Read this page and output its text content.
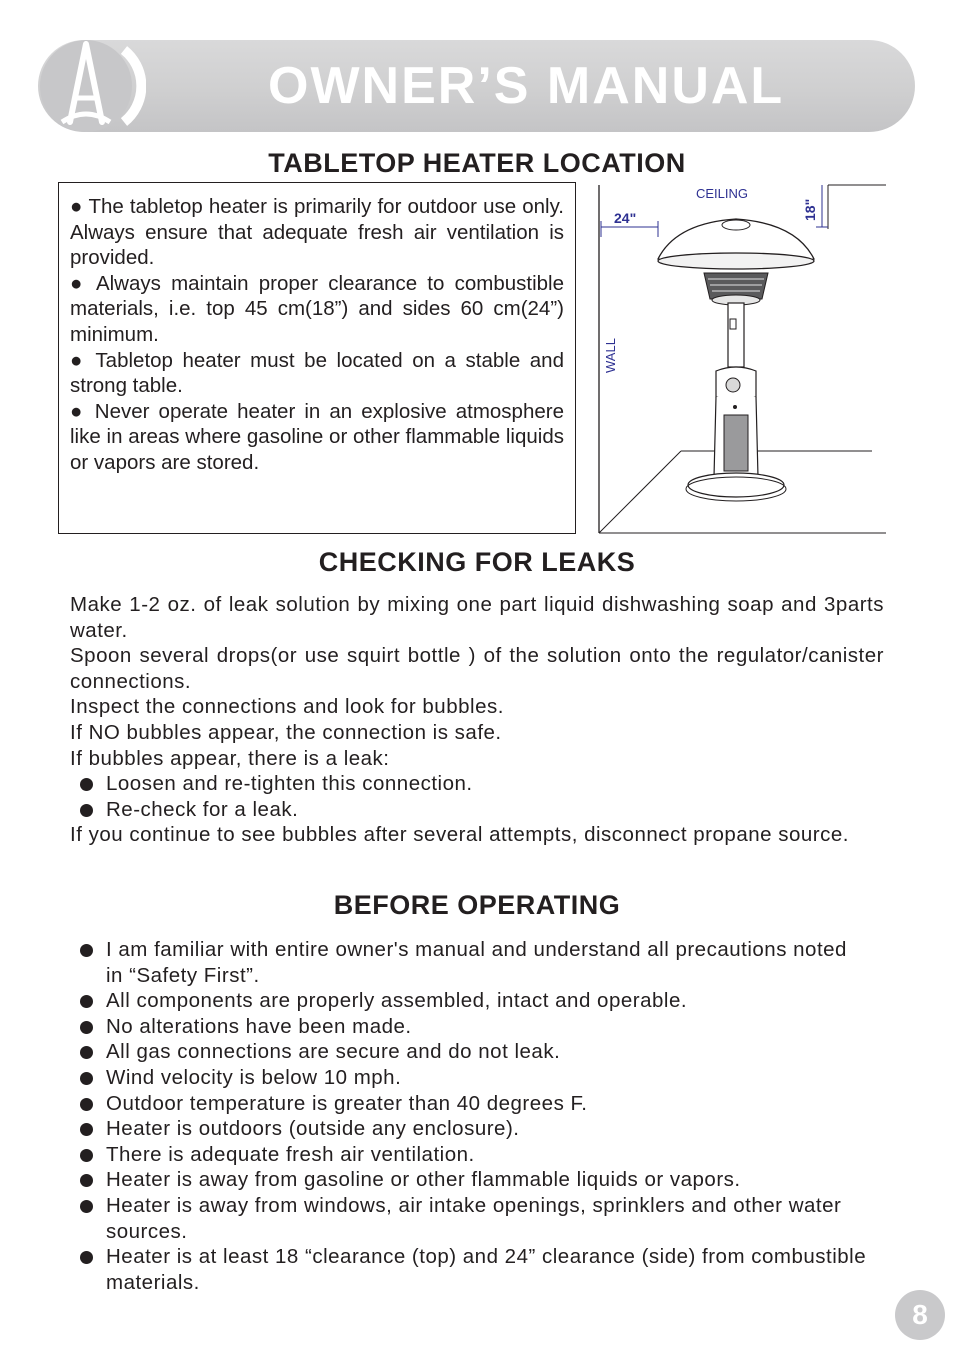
OWNER’S MANUAL
TABLETOP HEATER LOCATION

● The tabletop heater is primarily for outdoor use only. Always ensure that adequate fresh air ventilation is provided.

● Always maintain proper clearance to combustible materials, i.e. top 45 cm(18”) and sides 60 cm(24”) minimum.

● Tabletop heater must be located on a stable and strong table.

● Never operate heater in an explosive atmosphere like in areas where gasoline or other flammable liquids or vapors are stored.

24"
CEILING
18"
WALL
CHECKING FOR LEAKS

Make 1-2 oz. of leak solution by mixing one part liquid dishwashing soap and 3parts water.

Spoon several drops(or use squirt bottle ) of the solution onto the regulator/canister connections.

Inspect the connections and look for bubbles.

If NO bubbles appear, the connection is safe.

If bubbles appear, there is a leak:

Loosen and re-tighten this connection.

Re-check for a leak.

If you continue to see bubbles after several attempts, disconnect propane source.

BEFORE OPERATING

I am familiar with entire owner's manual and understand all precautions noted in “Safety First”.

All components are properly assembled, intact and operable.

No alterations have been made.

All gas connections are secure and do not leak.

Wind velocity is below 10 mph.

Outdoor temperature is greater than 40 degrees F.

Heater is outdoors (outside any enclosure).

There is adequate fresh air ventilation.

Heater is away from gasoline or other flammable liquids or vapors.

Heater is away from windows, air intake openings, sprinklers and other water sources.

Heater is at least 18 “clearance (top) and 24” clearance (side) from combustible materials.

8
